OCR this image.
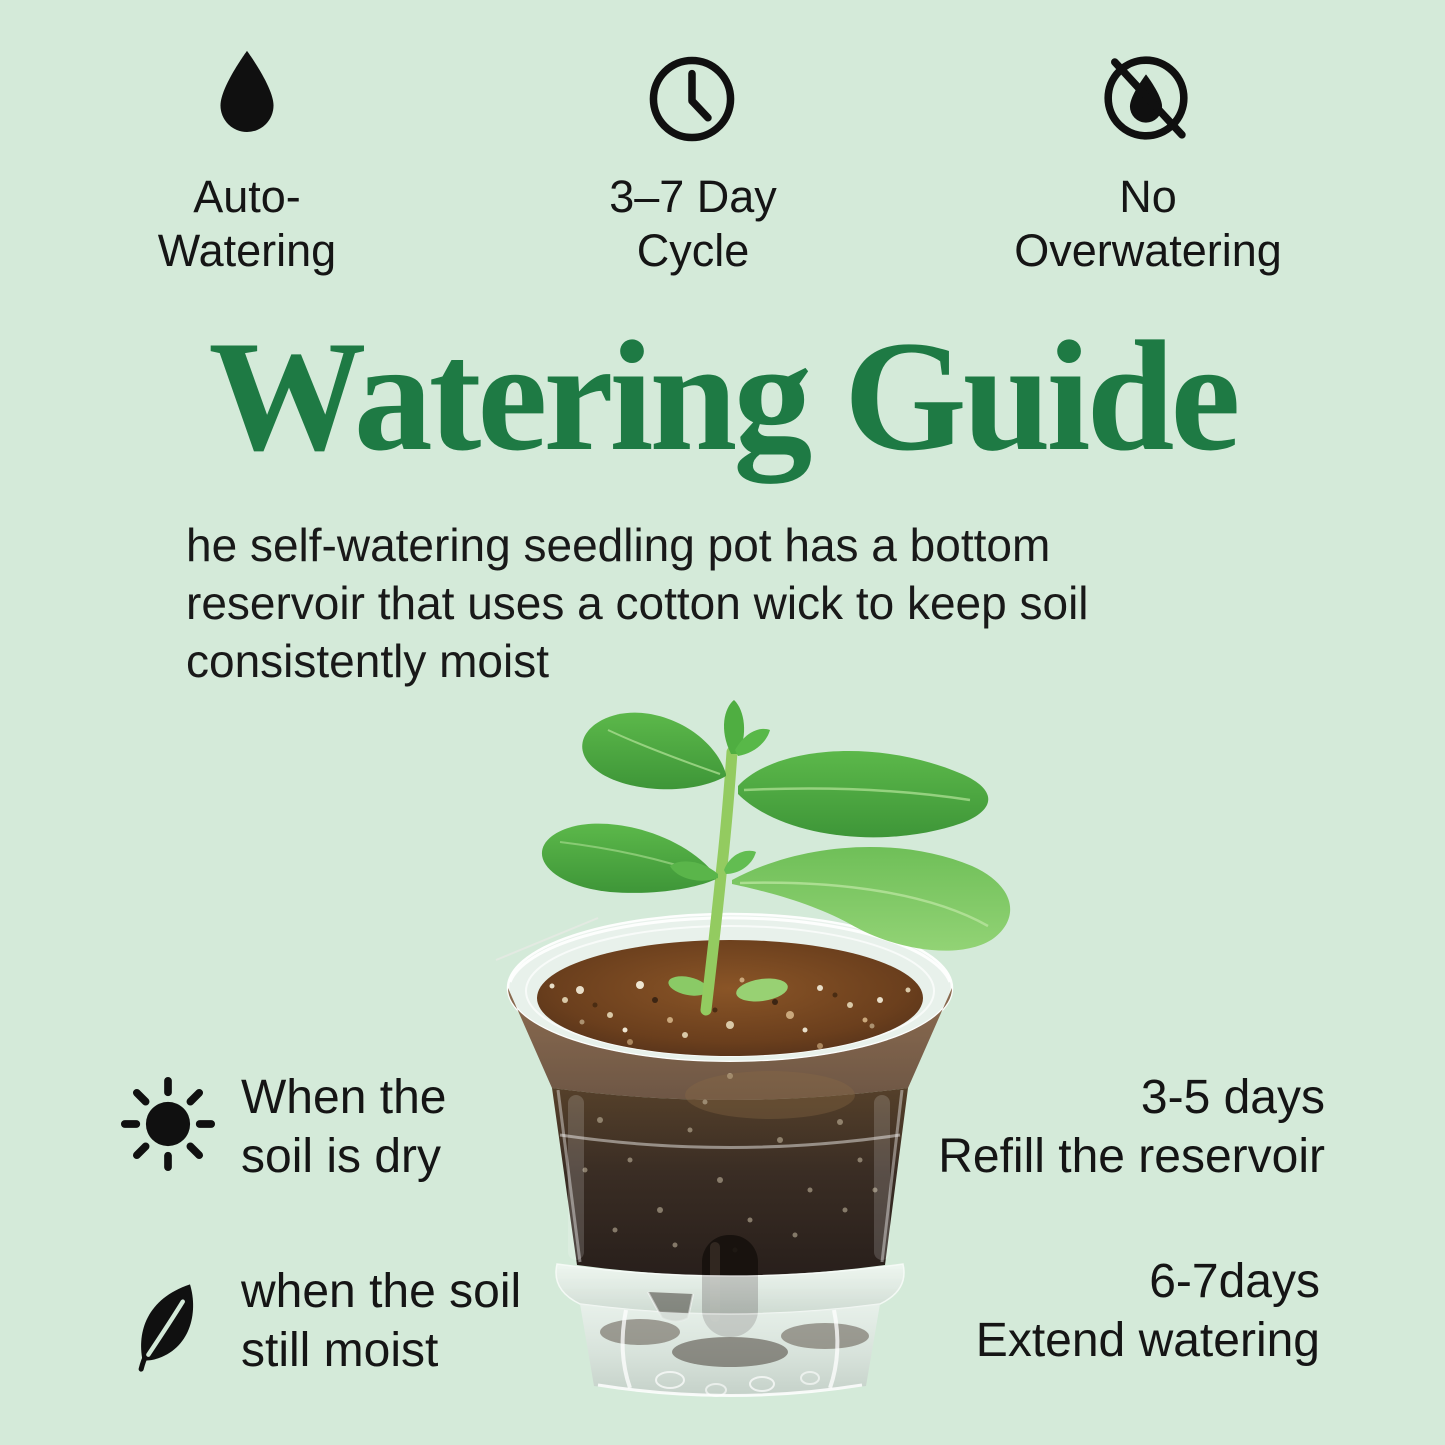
Auto-
Watering
3–7 Day
Cycle
No
Overwatering
Watering Guide
he self-watering seedling pot has a bottom
reservoir that uses a cotton wick to keep soil
consistently moist
When the
soil is dry
when the soil
still moist
3-5 days
Refill the reservoir
6-7days
Extend watering
